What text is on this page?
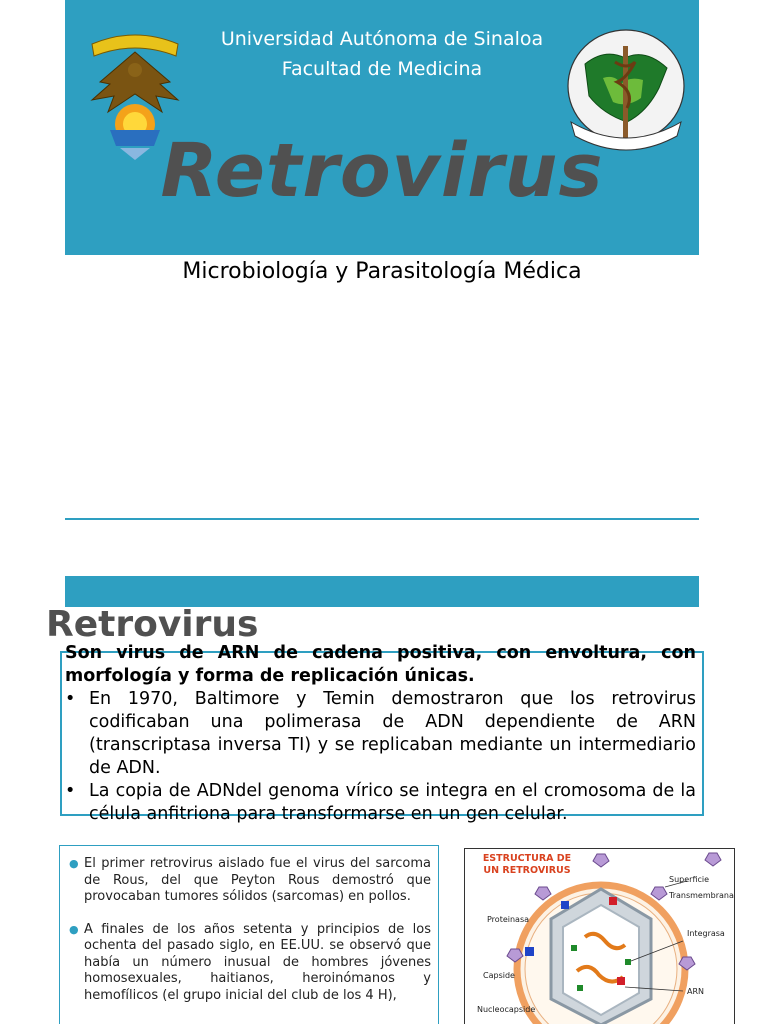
Universidad Autónoma de Sinaloa
Facultad de Medicina
Retrovirus
Microbiología y Parasitología Médica
Retrovirus
Son virus de ARN de cadena positiva, con envoltura, con morfología y forma de replicación únicas.
• En 1970, Baltimore y Temin demostraron que los retrovirus codificaban una polimerasa de ADN dependiente de ARN (transcriptasa inversa TI) y se replicaban mediante un intermediario de ADN.
• La copia de ADNdel genoma vírico se integra en el cromosoma de la célula anfitriona para transformarse en un gen celular.
● El primer retrovirus aislado fue el virus del sarcoma de Rous, del que Peyton Rous demostró que provocaban tumores sólidos (sarcomas) en pollos.
● A finales de los años setenta y principios de los ochenta del pasado siglo, en EE.UU. se observó que había un número inusual de hombres jóvenes homosexuales, haitianos, heroinómanos y hemofílicos (el grupo inicial del club de los 4 H),
ESTRUCTURA DE UN RETROVIRUS
Superficie
Transmembrana
Proteinasa
Integrasa
Capside
ARN
Nucleocapside
